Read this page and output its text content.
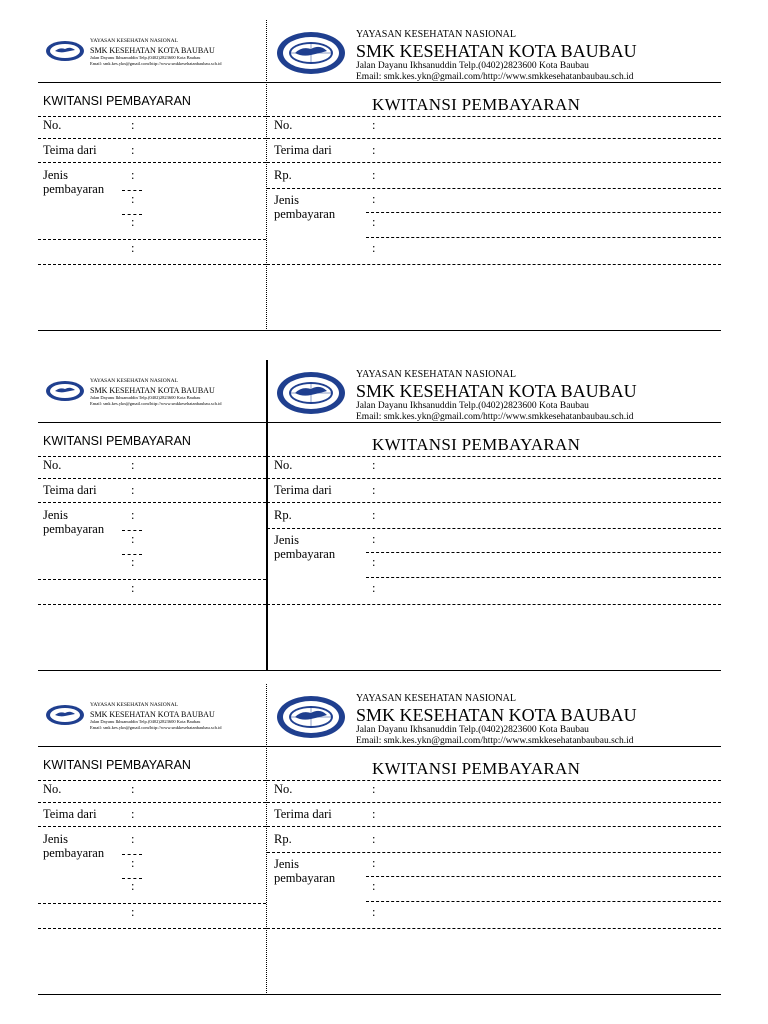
YAYASAN KESEHATAN NASIONAL
SMK KESEHATAN KOTA BAUBAU
Jalan Dayanu Ikhsanuddin Telp.(0402)2823600 Kota Baubau
Email: smk.kes.ykn@gmail.com/http://www.smkkesehatanbaubau.sch.id
KWITANSI PEMBAYARAN
No.	:
Teima dari	:
Jenis
pembayaran
:
:
:
:
YAYASAN KESEHATAN NASIONAL
SMK KESEHATAN KOTA BAUBAU
Jalan Dayanu Ikhsanuddin Telp.(0402)2823600 Kota Baubau
Email: smk.kes.ykn@gmail.com/http://www.smkkesehatanbaubau.sch.id
KWITANSI PEMBAYARAN
No.	:
Terima dari	:
Rp.	:
Jenis
pembayaran
:
:
:
YAYASAN KESEHATAN NASIONAL
SMK KESEHATAN KOTA BAUBAU
Jalan Dayanu Ikhsanuddin Telp.(0402)2823600 Kota Baubau
Email: smk.kes.ykn@gmail.com/http://www.smkkesehatanbaubau.sch.id
KWITANSI PEMBAYARAN
No.	:
Teima dari	:
Jenis
pembayaran
:
:
:
:
YAYASAN KESEHATAN NASIONAL
SMK KESEHATAN KOTA BAUBAU
Jalan Dayanu Ikhsanuddin Telp.(0402)2823600 Kota Baubau
Email: smk.kes.ykn@gmail.com/http://www.smkkesehatanbaubau.sch.id
KWITANSI PEMBAYARAN
No.	:
Terima dari	:
Rp.	:
Jenis
pembayaran
:
:
:
YAYASAN KESEHATAN NASIONAL
SMK KESEHATAN KOTA BAUBAU
Jalan Dayanu Ikhsanuddin Telp.(0402)2823600 Kota Baubau
Email: smk.kes.ykn@gmail.com/http://www.smkkesehatanbaubau.sch.id
KWITANSI PEMBAYARAN
No.	:
Teima dari	:
Jenis
pembayaran
:
:
:
:
YAYASAN KESEHATAN NASIONAL
SMK KESEHATAN KOTA BAUBAU
Jalan Dayanu Ikhsanuddin Telp.(0402)2823600 Kota Baubau
Email: smk.kes.ykn@gmail.com/http://www.smkkesehatanbaubau.sch.id
KWITANSI PEMBAYARAN
No.	:
Terima dari	:
Rp.	:
Jenis
pembayaran
:
:
:
